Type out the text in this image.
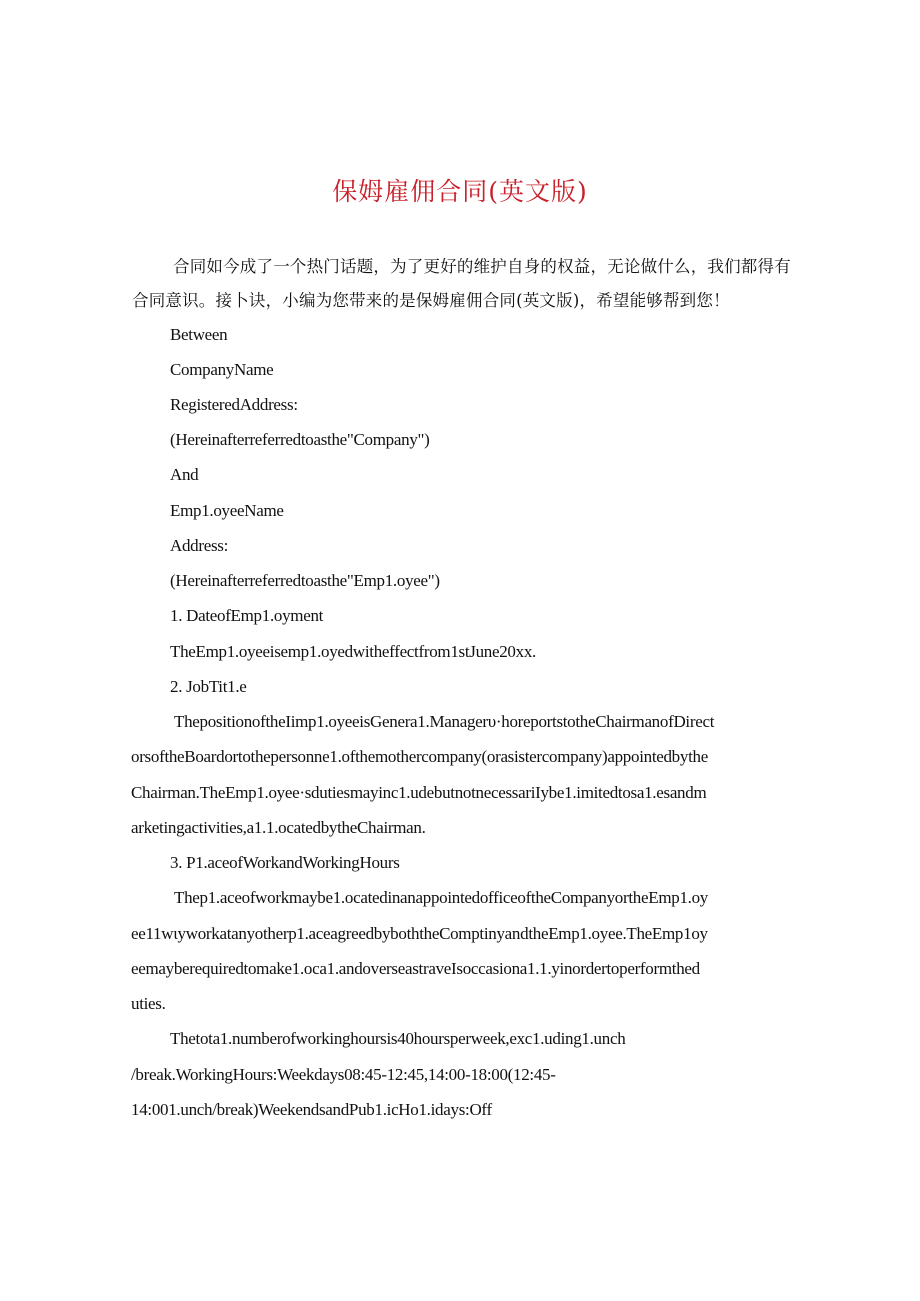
保姆雇佣合同(英文版)
合同如今成了一个热门话题，为了更好的维护自身的权益，无论做什么，我们都得有合同意识。接卜诀，小编为您带来的是保姆雇佣合同(英文版)，希望能够帮到您！
Between
CompanyName
RegisteredAddress:
(Hereinafterreferredtoasthe"Company")
And
Emp1.oyeeName
Address:
(Hereinafterreferredtoasthe"Emp1.oyee")
1. DateofEmp1.oyment
TheEmp1.oyeeisemp1.oyedwitheffectfrom1stJune20xx.
2. JobTit1.e
ThepositionoftheIimp1.oyeeisGenera1.Managerυ·horeportstotheChairmanofDirect
orsoftheBoardortothepersonne1.ofthemothercompany(orasistercompany)appointedbythe
Chairman.TheEmp1.oyee·sdutiesmayinc1.udebutnotnecessariIybe1.imitedtosa1.esandm
arketingactivities,a1.1.ocatedbytheChairman.
3. P1.aceofWorkandWorkingHours
Thep1.aceofworkmaybe1.ocatedinanappointedofficeoftheCompanyortheEmp1.oy
ee11wιyworkatanyotherp1.aceagreedbyboththeComptinyandtheEmp1.oyee.TheEmp1oy
eemayberequiredtomake1.oca1.andoverseastraveIsoccasiona1.1.yinordertoperformthed
uties.
Thetota1.numberofworkinghoursis40hoursperweek,exc1.uding1.unch
/break.WorkingHours:Weekdays08:45-12:45,14:00-18:00(12:45-
14:001.unch/break)WeekendsandPub1.icHo1.idays:Off
